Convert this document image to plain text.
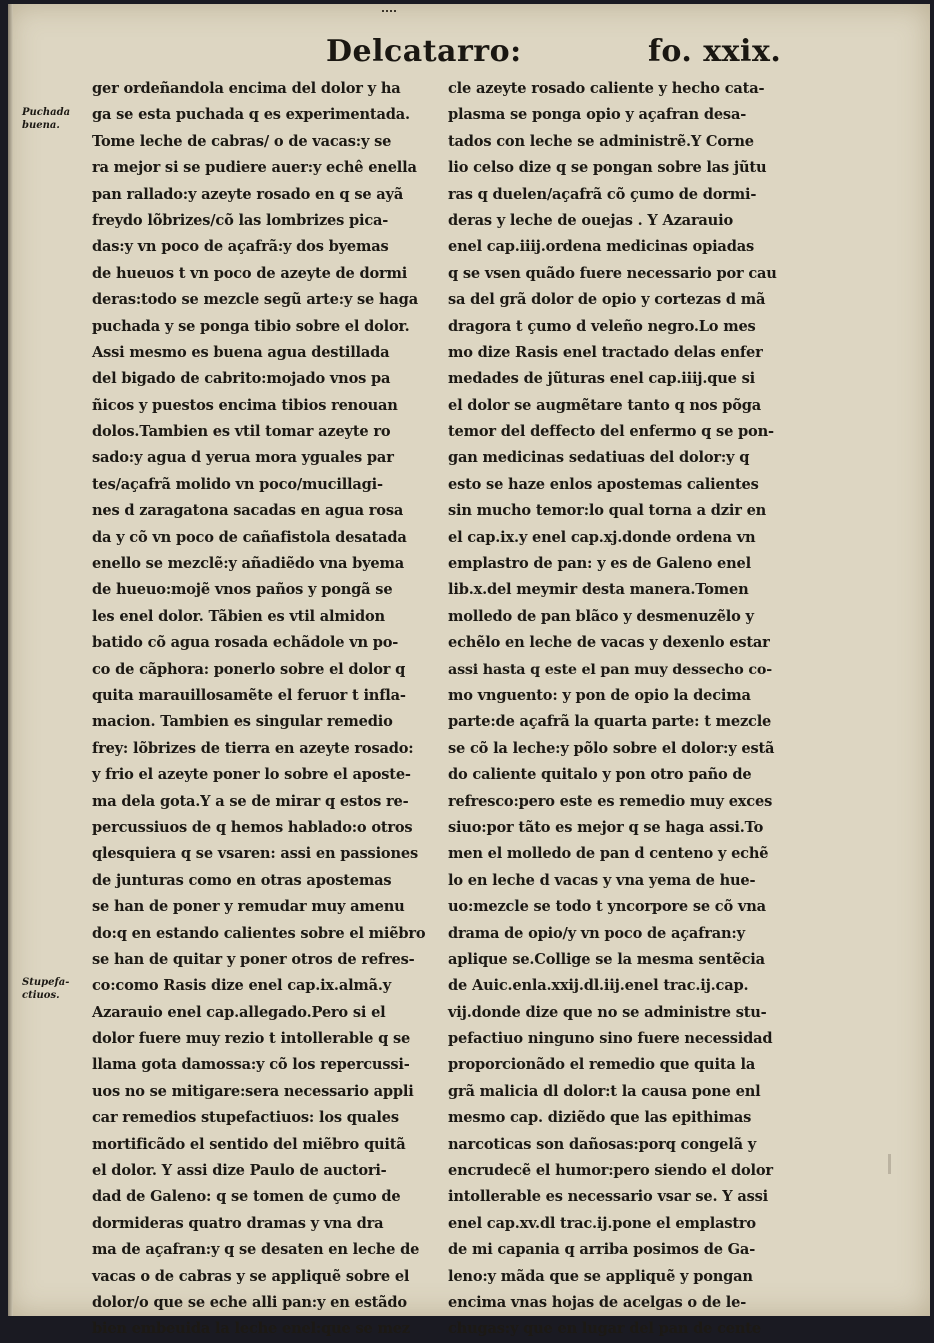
Delcatarro:	fo. xxix.
Puchada
buena.
Stupefa-
ctiuos.
ger ordeñandola encima del dolor y ha
ga se esta puchada q es experimentada.
Tome leche de cabras/ o de vacas:y se
ra mejor si se pudiere auer:y echê enella
pan rallado:y azeyte rosado en q se ayã
freydo lõbrizes/cõ las lombrizes pica-
das:y vn poco de açafrã:y dos byemas
de hueuos t vn poco de azeyte de dormi
deras:todo se mezcle segũ arte:y se haga
puchada y se ponga tibio sobre el dolor.
Assi mesmo es buena agua destillada
del bigado de cabrito:mojado vnos pa
ñicos y puestos encima tibios renouan
dolos.Tambien es vtil tomar azeyte ro
sado:y agua d yerua mora yguales par
tes/açafrã molido vn poco/mucillagi-
nes d zaragatona sacadas en agua rosa
da y cõ vn poco de cañafistola desatada
enello se mezclẽ:y añadiẽdo vna byema
de hueuo:mojẽ vnos paños y pongã se
les enel dolor. Tãbien es vtil almidon
batido cõ agua rosada echãdole vn po-
co de cãphora: ponerlo sobre el dolor q
quita marauillosamẽte el feruor t infla-
macion. Tambien es singular remedio
frey: lõbrizes de tierra en azeyte rosado:
y frio el azeyte poner lo sobre el aposte-
ma dela gota.Y a se de mirar q estos re-
percussiuos de q hemos hablado:o otros
qlesquiera q se vsaren: assi en passiones
de junturas como en otras apostemas
se han de poner y remudar muy amenu
do:q en estando calientes sobre el miẽbro
se han de quitar y poner otros de refres-
co:como Rasis dize enel cap.ix.almã.y
Azarauio enel cap.allegado.Pero si el
dolor fuere muy rezio t intollerable q se
llama gota damossa:y cõ los repercussi-
uos no se mitigare:sera necessario appli
car remedios stupefactiuos: los quales
mortificãdo el sentido del miẽbro quitã
el dolor. Y assi dize Paulo de auctori-
dad de Galeno: q se tomen de çumo de
dormideras quatro dramas y vna dra
ma de açafran:y q se desaten en leche de
vacas o de cabras y se appliquẽ sobre el
dolor/o que se eche alli pan:y en estãdo
bien embeuida la leche enel:que se mez
cle azeyte rosado caliente y hecho cata-
plasma se ponga opio y açafran desa-
tados con leche se administrẽ.Y Corne
lio celso dize q se pongan sobre las jũtu
ras q duelen/açafrã cõ çumo de dormi-
deras y leche de ouejas . Y Azarauio
enel cap.iiij.ordena medicinas opiadas
q se vsen quãdo fuere necessario por cau
sa del grã dolor de opio y cortezas d mã
dragora t çumo d veleño negro.Lo mes
mo dize Rasis enel tractado delas enfer
medades de jũturas enel cap.iiij.que si
el dolor se augmẽtare tanto q nos põga
temor del deffecto del enfermo q se pon-
gan medicinas sedatiuas del dolor:y q
esto se haze enlos apostemas calientes
sin mucho temor:lo qual torna a dzir en
el cap.ix.y enel cap.xj.donde ordena vn
emplastro de pan: y es de Galeno enel
lib.x.del meymir desta manera.Tomen
molledo de pan blãco y desmenuzẽlo y
echẽlo en leche de vacas y dexenlo estar
assi hasta q este el pan muy dessecho co-
mo vnguento: y pon de opio la decima
parte:de açafrã la quarta parte: t mezcle
se cõ la leche:y põlo sobre el dolor:y estã
do caliente quitalo y pon otro paño de
refresco:pero este es remedio muy exces
siuo:por tãto es mejor q se haga assi.To
men el molledo de pan d centeno y echẽ
lo en leche d vacas y vna yema de hue-
uo:mezcle se todo t yncorpore se cõ vna
drama de opio/y vn poco de açafran:y
aplique se.Collige se la mesma sentẽcia
de Auic.enla.xxij.dl.iij.enel trac.ij.cap.
vij.donde dize que no se administre stu-
pefactiuo ninguno sino fuere necessidad
proporcionãdo el remedio que quita la
grã malicia dl dolor:t la causa pone enl
mesmo cap. diziẽdo que las epithimas
narcoticas son dañosas:porq congelã y
encrudecẽ el humor:pero siendo el dolor
intollerable es necessario vsar se. Y assi
enel cap.xv.dl trac.ij.pone el emplastro
de mi capania q arriba posimos de Ga-
leno:y mãda que se appliquẽ y pongan
encima vnas hojas de acelgas o de le-
chugas:y que en lugar del pan de cente
